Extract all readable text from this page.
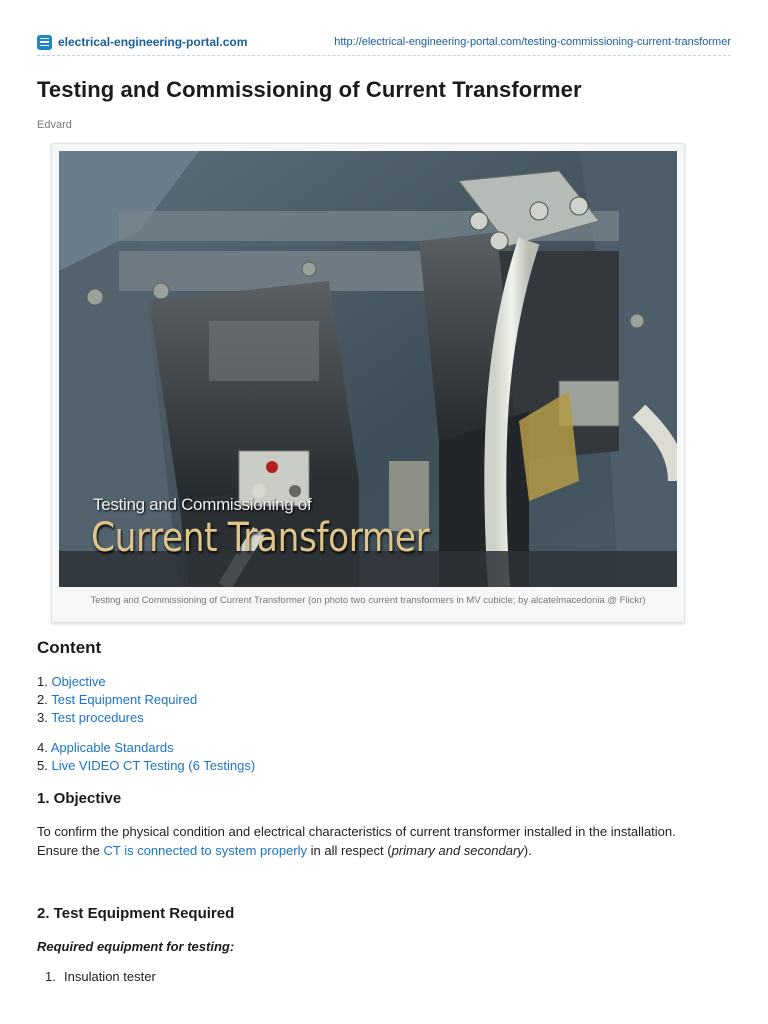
electrical-engineering-portal.com	http://electrical-engineering-portal.com/testing-commissioning-current-transformer
Testing and Commissioning of Current Transformer
Edvard
Testing and Commissioning of
Current Transformer
Testing and Commissioning of Current Transformer (on photo two current transformers in MV cubicle; by alcatelmacedonia @ Flickr)
Content
1. Objective
2. Test Equipment Required
3. Test procedures
4. Applicable Standards
5. Live VIDEO CT Testing (6 Testings)
1. Objective
To confirm the physical condition and electrical characteristics of current transformer installed in the installation.
Ensure the CT is connected to system properly in all respect (primary and secondary).
2. Test Equipment Required
Required equipment for testing:
1. Insulation tester
